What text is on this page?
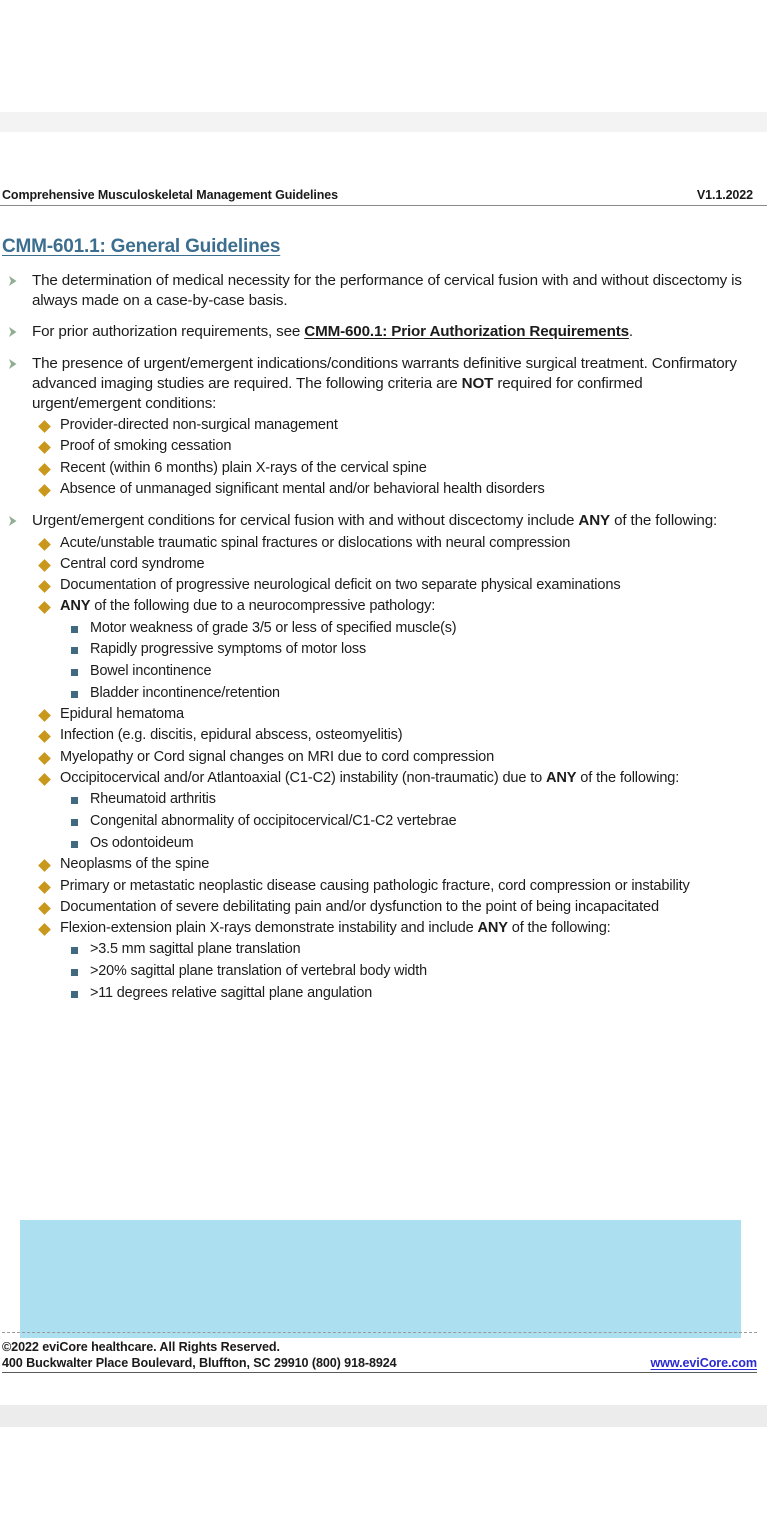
Comprehensive Musculoskeletal Management Guidelines	V1.1.2022
CMM-601.1: General Guidelines
The determination of medical necessity for the performance of cervical fusion with and without discectomy is always made on a case-by-case basis.
For prior authorization requirements, see CMM-600.1: Prior Authorization Requirements.
The presence of urgent/emergent indications/conditions warrants definitive surgical treatment. Confirmatory advanced imaging studies are required. The following criteria are NOT required for confirmed urgent/emergent conditions:
Provider-directed non-surgical management
Proof of smoking cessation
Recent (within 6 months) plain X-rays of the cervical spine
Absence of unmanaged significant mental and/or behavioral health disorders
Urgent/emergent conditions for cervical fusion with and without discectomy include ANY of the following:
Acute/unstable traumatic spinal fractures or dislocations with neural compression
Central cord syndrome
Documentation of progressive neurological deficit on two separate physical examinations
ANY of the following due to a neurocompressive pathology:
Motor weakness of grade 3/5 or less of specified muscle(s)
Rapidly progressive symptoms of motor loss
Bowel incontinence
Bladder incontinence/retention
Epidural hematoma
Infection (e.g. discitis, epidural abscess, osteomyelitis)
Myelopathy or Cord signal changes on MRI due to cord compression
Occipitocervical and/or Atlantoaxial (C1-C2) instability (non-traumatic) due to ANY of the following:
Rheumatoid arthritis
Congenital abnormality of occipitocervical/C1-C2 vertebrae
Os odontoideum
Neoplasms of the spine
Primary or metastatic neoplastic disease causing pathologic fracture, cord compression or instability
Documentation of severe debilitating pain and/or dysfunction to the point of being incapacitated
Flexion-extension plain X-rays demonstrate instability and include ANY of the following:
>3.5 mm sagittal plane translation
>20% sagittal plane translation of vertebral body width
>11 degrees relative sagittal plane angulation
©2022 eviCore healthcare. All Rights Reserved.
400 Buckwalter Place Boulevard, Bluffton, SC 29910 (800) 918-8924	www.eviCore.com
